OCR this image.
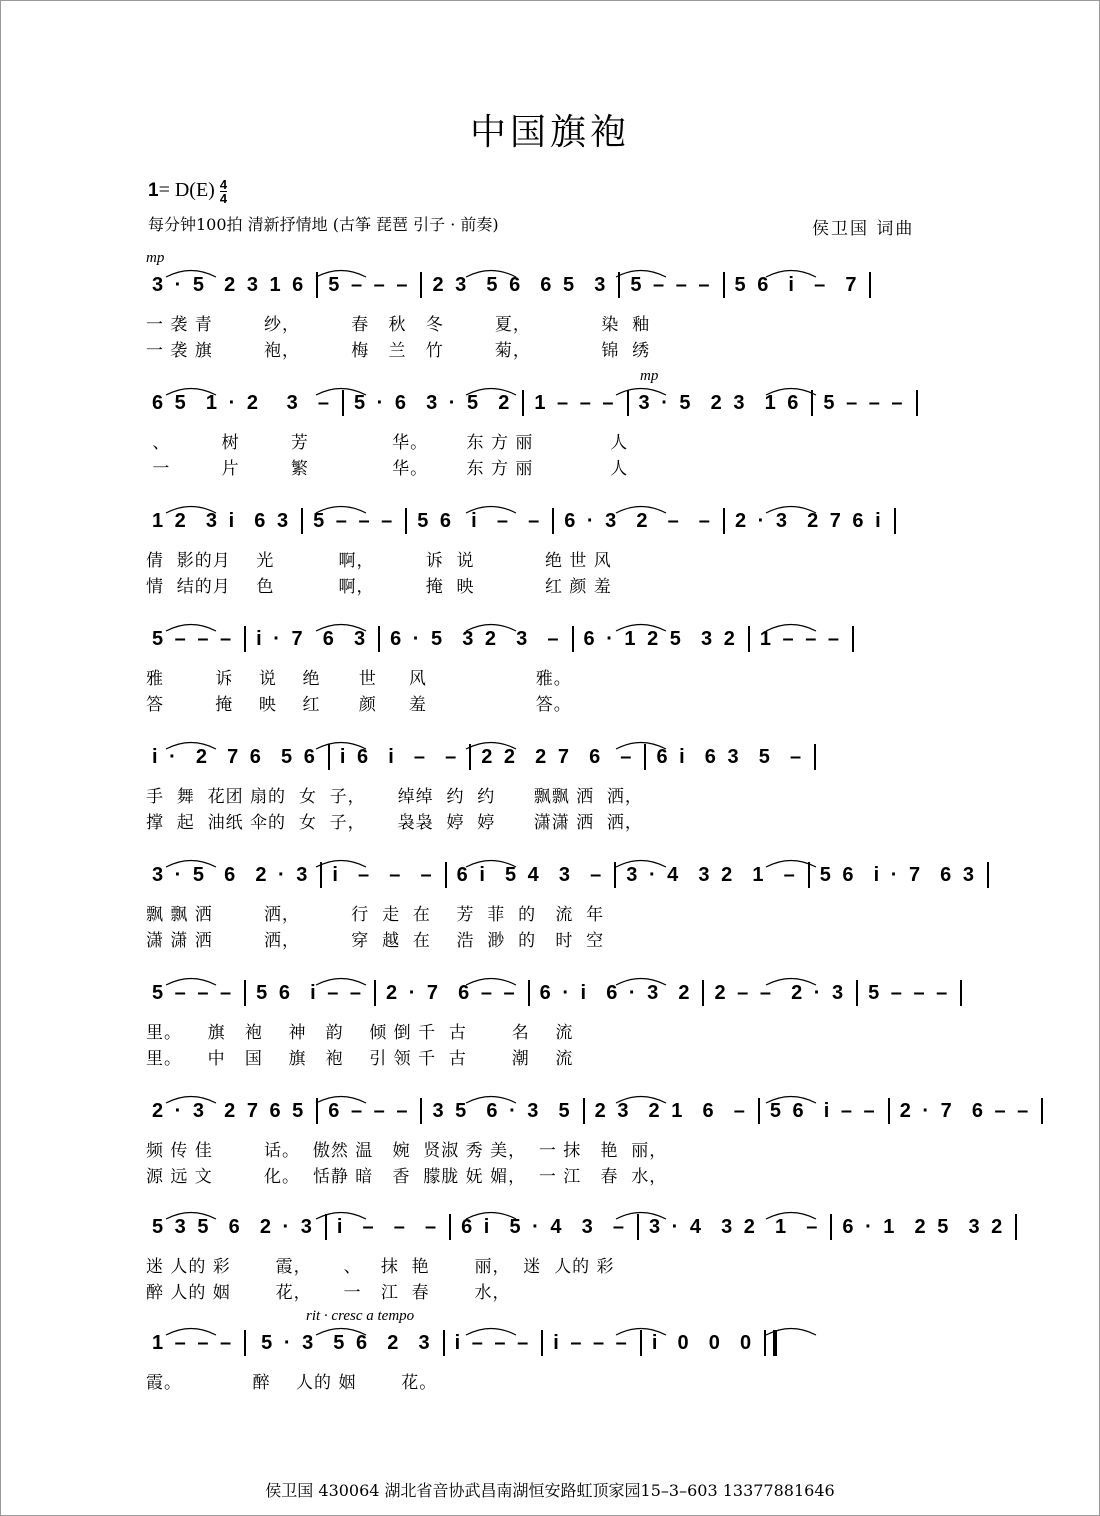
中国旗袍
$1= D(E) \frac{4}{4}$
每分钟100拍 清新抒情地 (古筝 琵琶 引子 · 前奏)	侯卫国 词曲
mp
3 · 5  2 3 1 6	5 – – –	2 3  5 6  6 5  3	5 – – –	5 6  i  –  7
一 袭 青        纱，        春   秋   冬        夏，           染  釉
一 袭 旗        袍，        梅   兰   竹        菊，           锦  绣
mp
6 5  1 · 2   3  –	5 · 6  3 · 5  2	1 – – –	3 · 5  2 3  1 6	5 – – –
、        树        芳             华。      东 方 丽            人
一        片        繁             华。      东 方 丽            人
1 2  3 i  6 3	5 – – –	5 6  i  –  –	6 · 3  2  –  –	2 · 3  2 7 6 i
倩  影的月    光          啊，        诉  说           绝 世 风
情  结的月    色          啊，        掩  映           红 颜 羞
5 – – –	i · 7  6  3	6 · 5  3 2  3  –	6 · 1 2 5  3 2	1 – – –
雅        诉    说    绝      世     风                 雅。
答        掩    映    红      颜     羞                 答。
i ·  2  7 6  5 6	i 6  i  –  –	2 2  2 7  6  –	6 i  6 3  5  –
手  舞  花团 扇的  女  子，     绰绰  约  约      飘飘 洒  洒，
撑  起  油纸 伞的  女  子，     袅袅  婷  婷      潇潇 洒  洒，
3 · 5  6  2 · 3	i  –  –  –	6 i  5 4  3  –	3 · 4  3 2  1  –	5 6  i · 7  6 3
飘 飘 洒        洒，        行  走  在    芳  菲  的   流  年
潇 潇 洒        洒，        穿  越  在    浩  渺  的   时  空
5 – – –	5 6  i – –	2 · 7  6 – –	6 · i  6 · 3  2	2 – –  2 · 3	5 – – –
里。    旗   袍    神   韵    倾 倒 千  古       名    流
里。    中   国    旗   袍    引 领 千  古       潮    流
2 · 3  2 7 6 5	6 – – –	3 5  6 · 3  5	2 3  2 1  6  –	5 6  i – –	2 · 7  6 – –
频 传 佳        话。  傲然 温   婉  贤淑 秀 美，  一 抹   艳  丽，
源 远 文        化。  恬静 暗   香  朦胧 妩 媚，  一 江   春  水，
5 3 5  6  2 · 3	i  –  –  –	6 i  5 · 4  3  –	3 · 4  3 2  1  –	6 · 1  2 5  3 2
迷 人的 彩       霞，     、   抹  艳       丽，  迷  人的 彩
醉 人的 姻       花，     一   江  春       水，
rit · cresc a tempo
1 – – –	5 · 3  5 6  2  3	i – – –	i – – –	i  0  0  0
霞。           醉    人的 姻       花。
侯卫国 430064 湖北省音协武昌南湖恒安路虹顶家园15–3–603 13377881646
